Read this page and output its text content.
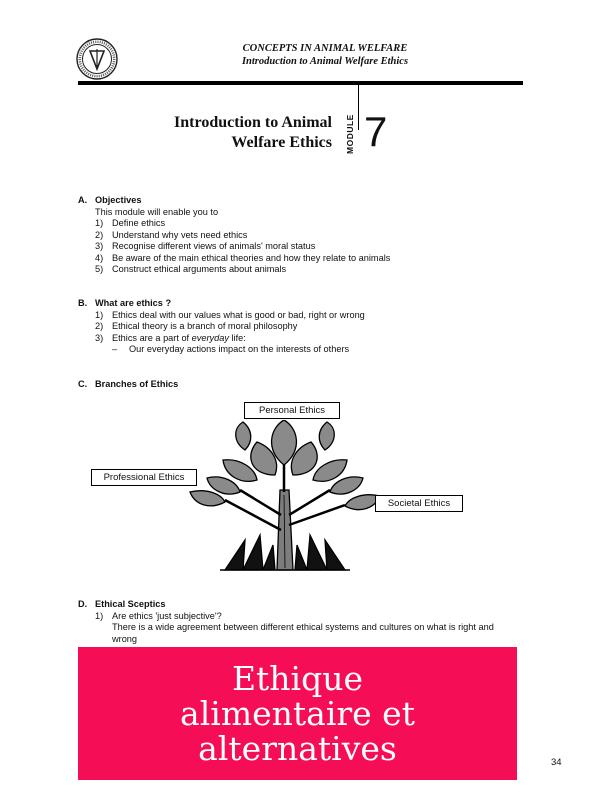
CONCEPTS IN ANIMAL WELFARE
Introduction to Animal Welfare Ethics
Introduction to Animal
Welfare Ethics MODULE 7
A. Objectives
This module will enable you to
1) Define ethics
2) Understand why vets need ethics
3) Recognise different views of animals' moral status
4) Be aware of the main ethical theories and how they relate to animals
5) Construct ethical arguments about animals
B. What are ethics ?
1) Ethics deal with our values what is good or bad, right or wrong
2) Ethical theory is a branch of moral philosophy
3) Ethics are a part of everyday life:
–	Our everyday actions impact on the interests of others
C. Branches of Ethics
Personal Ethics
Professional Ethics
Societal Ethics
D. Ethical Sceptics
1) Are ethics 'just subjective'?
There is a wide agreement between different ethical systems and cultures on what is right and
wrong
Ethique
alimentaire et
alternatives	34
